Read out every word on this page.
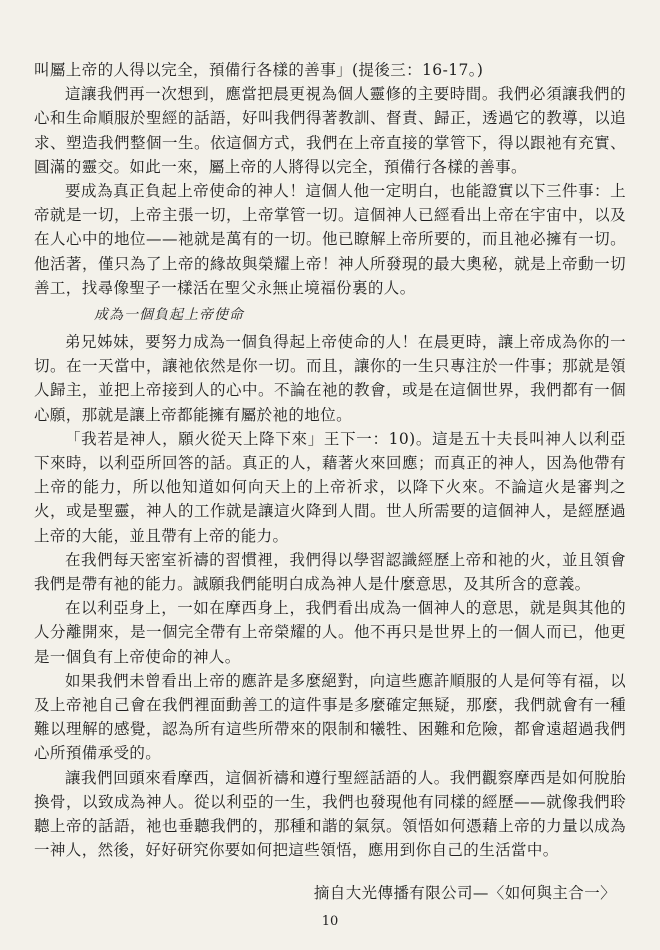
叫屬上帝的人得以完全，預備行各樣的善事」(提後三：16-17。)

這讓我們再一次想到，應當把晨更視為個人靈修的主要時間。我們必須讓我們的心和生命順服於聖經的話語，好叫我們得著教訓、督責、歸正，透過它的教導，以追求、塑造我們整個一生。依這個方式，我們在上帝直接的掌管下，得以跟祂有充實、圓滿的靈交。如此一來，屬上帝的人將得以完全，預備行各樣的善事。

要成為真正負起上帝使命的神人！這個人他一定明白，也能證實以下三件事：上帝就是一切，上帝主張一切，上帝掌管一切。這個神人已經看出上帝在宇宙中，以及在人心中的地位——祂就是萬有的一切。他已瞭解上帝所要的，而且祂必擁有一切。他活著，僅只為了上帝的緣故與榮耀上帝！神人所發現的最大奧秘，就是上帝動一切善工，找尋像聖子一樣活在聖父永無止境福份裏的人。

成為一個負起上帝使命

弟兄姊妹，要努力成為一個負得起上帝使命的人！在晨更時，讓上帝成為你的一切。在一天當中，讓祂依然是你一切。而且，讓你的一生只專注於一件事；那就是領人歸主，並把上帝接到人的心中。不論在祂的教會，或是在這個世界，我們都有一個心願，那就是讓上帝都能擁有屬於祂的地位。

「我若是神人，願火從天上降下來」王下一：10)。這是五十夫長叫神人以利亞下來時，以利亞所回答的話。真正的人，藉著火來回應；而真正的神人，因為他帶有上帝的能力，所以他知道如何向天上的上帝祈求，以降下火來。不論這火是審判之火，或是聖靈，神人的工作就是讓這火降到人間。世人所需要的這個神人，是經歷過上帝的大能，並且帶有上帝的能力。

在我們每天密室祈禱的習慣裡，我們得以學習認識經歷上帝和祂的火，並且領會我們是帶有祂的能力。誠願我們能明白成為神人是什麼意思，及其所含的意義。

在以利亞身上，一如在摩西身上，我們看出成為一個神人的意思，就是與其他的人分離開來，是一個完全帶有上帝榮耀的人。他不再只是世界上的一個人而已，他更是一個負有上帝使命的神人。

如果我們未曾看出上帝的應許是多麼絕對，向這些應許順服的人是何等有福，以及上帝祂自己會在我們裡面動善工的這件事是多麼確定無疑，那麼，我們就會有一種難以理解的感覺，認為所有這些所帶來的限制和犧牲、困難和危險，都會遠超過我們心所預備承受的。

讓我們回頭來看摩西，這個祈禱和遵行聖經話語的人。我們觀察摩西是如何脫胎換骨，以致成為神人。從以利亞的一生，我們也發現他有同樣的經歷——就像我們聆聽上帝的話語，祂也垂聽我們的，那種和諧的氣氛。領悟如何憑藉上帝的力量以成為一神人，然後，好好研究你要如何把這些領悟，應用到你自己的生活當中。

摘自大光傳播有限公司—〈如何與主合一〉
10
